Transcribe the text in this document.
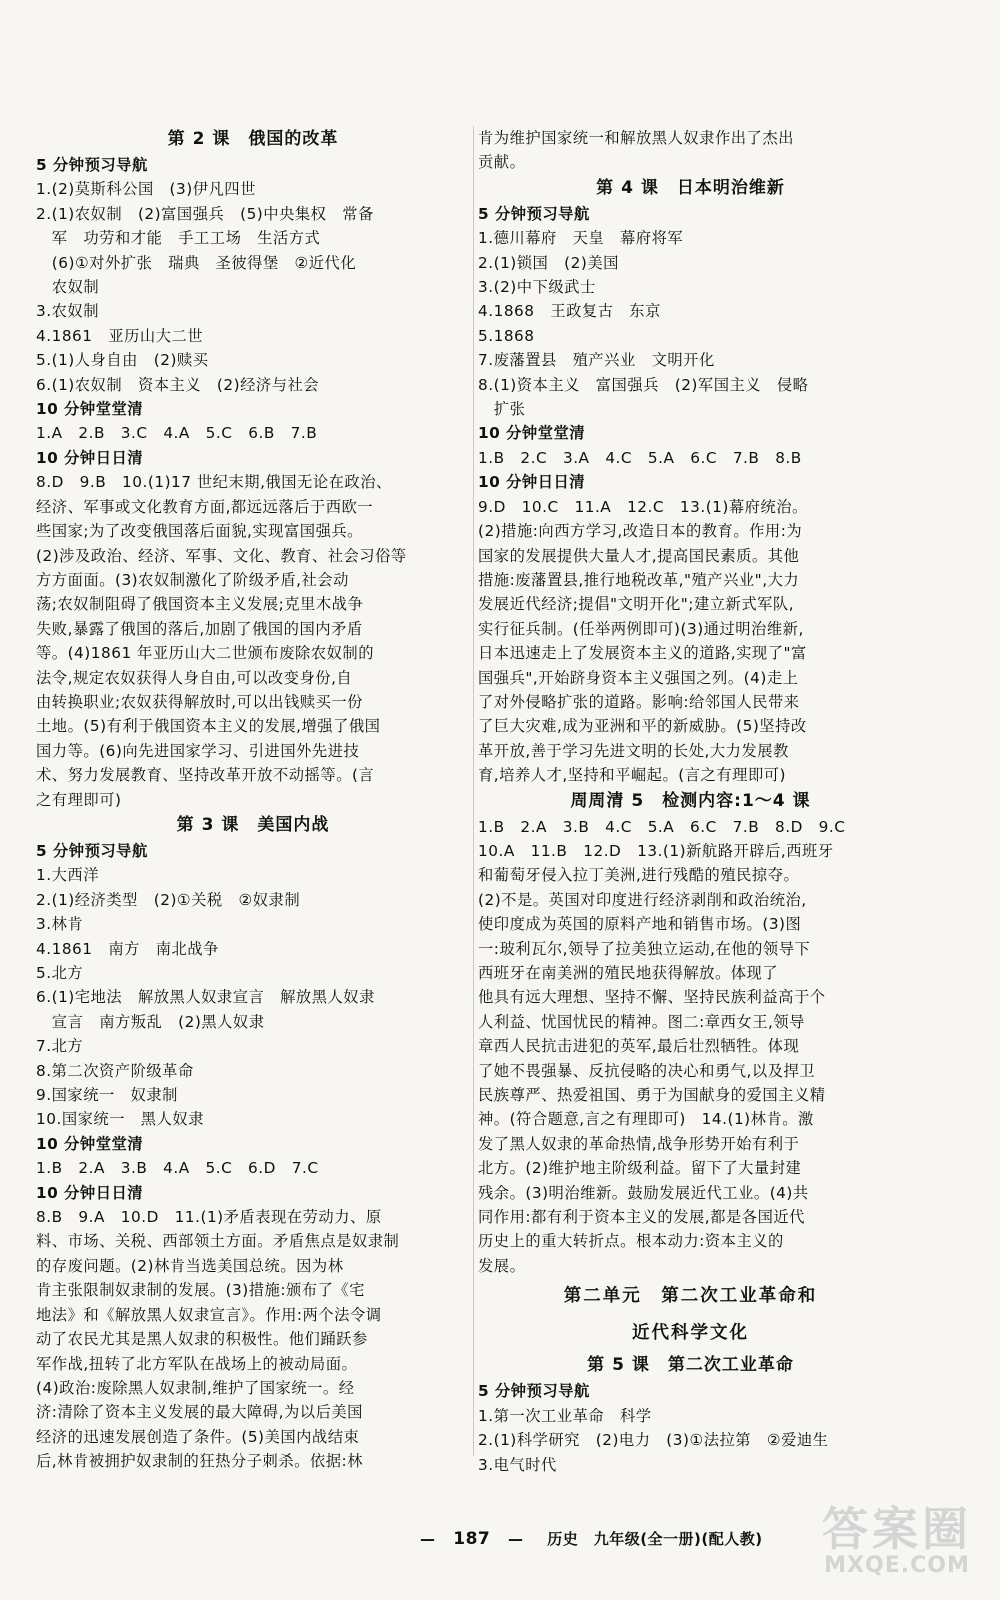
第 2 课　俄国的改革
5 分钟预习导航
1.(2)莫斯科公国　(3)伊凡四世
2.(1)农奴制　(2)富国强兵　(5)中央集权　常备
　军　功劳和才能　手工工场　生活方式
　(6)①对外扩张　瑞典　圣彼得堡　②近代化
　农奴制
3.农奴制
4.1861　亚历山大二世
5.(1)人身自由　(2)赎买
6.(1)农奴制　资本主义　(2)经济与社会
10 分钟堂堂清
1.A　2.B　3.C　4.A　5.C　6.B　7.B
10 分钟日日清
8.D　9.B　10.(1)17 世纪末期,俄国无论在政治、
经济、军事或文化教育方面,都远远落后于西欧一
些国家;为了改变俄国落后面貌,实现富国强兵。
(2)涉及政治、经济、军事、文化、教育、社会习俗等
方方面面。(3)农奴制激化了阶级矛盾,社会动
荡;农奴制阻碍了俄国资本主义发展;克里木战争
失败,暴露了俄国的落后,加剧了俄国的国内矛盾
等。(4)1861 年亚历山大二世颁布废除农奴制的
法令,规定农奴获得人身自由,可以改变身份,自
由转换职业;农奴获得解放时,可以出钱赎买一份
土地。(5)有利于俄国资本主义的发展,增强了俄国
国力等。(6)向先进国家学习、引进国外先进技
术、努力发展教育、坚持改革开放不动摇等。(言
之有理即可)
第 3 课　美国内战
5 分钟预习导航
1.大西洋
2.(1)经济类型　(2)①关税　②奴隶制
3.林肯
4.1861　南方　南北战争
5.北方
6.(1)宅地法　解放黑人奴隶宣言　解放黑人奴隶
　宣言　南方叛乱　(2)黑人奴隶
7.北方
8.第二次资产阶级革命
9.国家统一　奴隶制
10.国家统一　黑人奴隶
10 分钟堂堂清
1.B　2.A　3.B　4.A　5.C　6.D　7.C
10 分钟日日清
8.B　9.A　10.D　11.(1)矛盾表现在劳动力、原
料、市场、关税、西部领土方面。矛盾焦点是奴隶制
的存废问题。(2)林肯当选美国总统。因为林
肯主张限制奴隶制的发展。(3)措施:颁布了《宅
地法》和《解放黑人奴隶宣言》。作用:两个法令调
动了农民尤其是黑人奴隶的积极性。他们踊跃参
军作战,扭转了北方军队在战场上的被动局面。
(4)政治:废除黑人奴隶制,维护了国家统一。经
济:清除了资本主义发展的最大障碍,为以后美国
经济的迅速发展创造了条件。(5)美国内战结束
后,林肯被拥护奴隶制的狂热分子刺杀。依据:林
肯为维护国家统一和解放黑人奴隶作出了杰出
贡献。
第 4 课　日本明治维新
5 分钟预习导航
1.德川幕府　天皇　幕府将军
2.(1)锁国　(2)美国
3.(2)中下级武士
4.1868　王政复古　东京
5.1868
7.废藩置县　殖产兴业　文明开化
8.(1)资本主义　富国强兵　(2)军国主义　侵略
　扩张
10 分钟堂堂清
1.B　2.C　3.A　4.C　5.A　6.C　7.B　8.B
10 分钟日日清
9.D　10.C　11.A　12.C　13.(1)幕府统治。
(2)措施:向西方学习,改造日本的教育。作用:为
国家的发展提供大量人才,提高国民素质。其他
措施:废藩置县,推行地税改革,"殖产兴业",大力
发展近代经济;提倡"文明开化";建立新式军队,
实行征兵制。(任举两例即可)(3)通过明治维新,
日本迅速走上了发展资本主义的道路,实现了"富
国强兵",开始跻身资本主义强国之列。(4)走上
了对外侵略扩张的道路。影响:给邻国人民带来
了巨大灾难,成为亚洲和平的新威胁。(5)坚持改
革开放,善于学习先进文明的长处,大力发展教
育,培养人才,坚持和平崛起。(言之有理即可)
周周清 5　检测内容:1～4 课
1.B　2.A　3.B　4.C　5.A　6.C　7.B　8.D　9.C
10.A　11.B　12.D　13.(1)新航路开辟后,西班牙
和葡萄牙侵入拉丁美洲,进行残酷的殖民掠夺。
(2)不是。英国对印度进行经济剥削和政治统治,
使印度成为英国的原料产地和销售市场。(3)图
一:玻利瓦尔,领导了拉美独立运动,在他的领导下
西班牙在南美洲的殖民地获得解放。体现了
他具有远大理想、坚持不懈、坚持民族利益高于个
人利益、忧国忧民的精神。图二:章西女王,领导
章西人民抗击进犯的英军,最后壮烈牺牲。体现
了她不畏强暴、反抗侵略的决心和勇气,以及捍卫
民族尊严、热爱祖国、勇于为国献身的爱国主义精
神。(符合题意,言之有理即可)　14.(1)林肯。激
发了黑人奴隶的革命热情,战争形势开始有利于
北方。(2)维护地主阶级利益。留下了大量封建
残余。(3)明治维新。鼓励发展近代工业。(4)共
同作用:都有利于资本主义的发展,都是各国近代
历史上的重大转折点。根本动力:资本主义的
发展。
第二单元　第二次工业革命和
近代科学文化
第 5 课　第二次工业革命
5 分钟预习导航
1.第一次工业革命　科学
2.(1)科学研究　(2)电力　(3)①法拉第　②爱迪生
3.电气时代
— 187 — 历史　九年级(全一册)(配人教) 答案圈
MXQE.COM
